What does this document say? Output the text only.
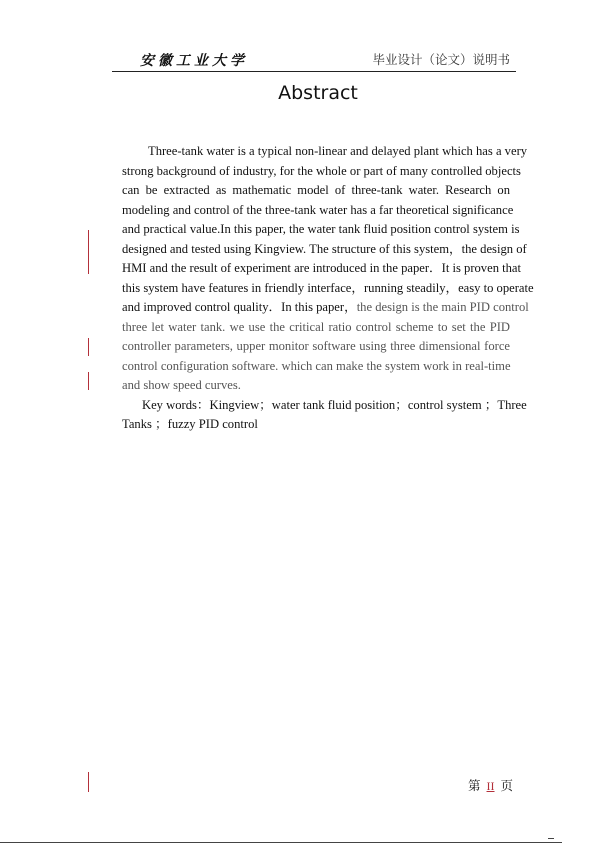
安徽工业大学	毕业设计（论文）说明书
Abstract
Three-tank water is a typical non-linear and delayed plant which has a very
strong background of industry, for the whole or part of many controlled objects
can be extracted as mathematic model of three-tank water. Research on
modeling and control of the three-tank water has a far theoretical significance
and practical value.In this paper, the water tank fluid position control system is
designed and tested using Kingview. The structure of this system，the design of
HMI and the result of experiment are introduced in the paper．It is proven that
this system have features in friendly interface，running steadily，easy to operate
and improved control quality．In this paper，the design is the main PID control
three let water tank. we use the critical ratio control scheme to set the PID
controller parameters, upper monitor software using three dimensional force
control configuration software. which can make the system work in real-time
and show speed curves.
Key words：Kingview；water tank fluid position；control system ；Three
Tanks ；fuzzy PID control
第 II 页
